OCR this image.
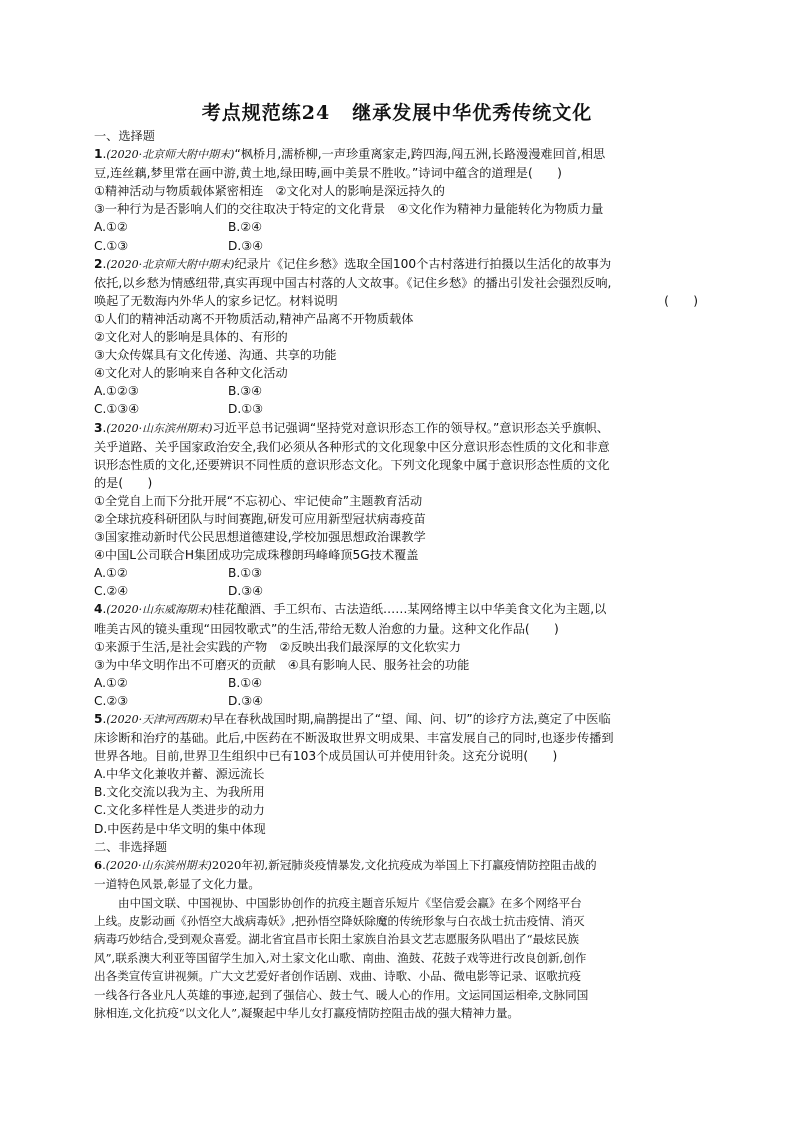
考点规范练24 继承发展中华优秀传统文化
一、选择题
1.(2020·北京师大附中期末)“枫桥月,濡桥柳,一声珍重离家走,跨四海,闯五洲,长路漫漫难回首,相思
豆,连丝藕,梦里常在画中游,黄土地,绿田畴,画中美景不胜收。”诗词中蕴含的道理是(　　)
①精神活动与物质载体紧密相连　②文化对人的影响是深远持久的
③一种行为是否影响人们的交往取决于特定的文化背景　④文化作为精神力量能转化为物质力量
A.①②	B.②④
C.①③	D.③④
2.(2020·北京师大附中期末)纪录片《记住乡愁》选取全国100个古村落进行拍摄以生活化的故事为
依托,以乡愁为情感纽带,真实再现中国古村落的人文故事。《记住乡愁》的播出引发社会强烈反响,
唤起了无数海内外华人的家乡记忆。材料说明	(　　)
①人们的精神活动离不开物质活动,精神产品离不开物质载体
②文化对人的影响是具体的、有形的
③大众传媒具有文化传递、沟通、共享的功能
④文化对人的影响来自各种文化活动
A.①②③	B.③④
C.①③④	D.①③
3.(2020·山东滨州期末)习近平总书记强调“坚持党对意识形态工作的领导权。”意识形态关乎旗帜、
关乎道路、关乎国家政治安全,我们必须从各种形式的文化现象中区分意识形态性质的文化和非意
识形态性质的文化,还要辨识不同性质的意识形态文化。下列文化现象中属于意识形态性质的文化
的是(　　)
①全党自上而下分批开展“不忘初心、牢记使命”主题教育活动
②全球抗疫科研团队与时间赛跑,研发可应用新型冠状病毒疫苗
③国家推动新时代公民思想道德建设,学校加强思想政治课教学
④中国L公司联合H集团成功完成珠穆朗玛峰峰顶5G技术覆盖
A.①②	B.①③
C.②④	D.③④
4.(2020·山东威海期末)桂花酿酒、手工织布、古法造纸……某网络博主以中华美食文化为主题,以
唯美古风的镜头重现“田园牧歌式”的生活,带给无数人治愈的力量。这种文化作品(　　)
①来源于生活,是社会实践的产物　②反映出我们最深厚的文化软实力
③为中华文明作出不可磨灭的贡献　④具有影响人民、服务社会的功能
A.①②	B.①④
C.②③	D.③④
5.(2020·天津河西期末)早在春秋战国时期,扁鹊提出了“望、闻、问、切”的诊疗方法,奠定了中医临
床诊断和治疗的基础。此后,中医药在不断汲取世界文明成果、丰富发展自己的同时,也逐步传播到
世界各地。目前,世界卫生组织中已有103个成员国认可并使用针灸。这充分说明(　　)
A.中华文化兼收并蓄、源远流长
B.文化交流以我为主、为我所用
C.文化多样性是人类进步的动力
D.中医药是中华文明的集中体现
二、非选择题
6.(2020·山东滨州期末)2020年初,新冠肺炎疫情暴发,文化抗疫成为举国上下打赢疫情防控阻击战的
一道特色风景,彰显了文化力量。
由中国文联、中国视协、中国影协创作的抗疫主题音乐短片《坚信爱会赢》在多个网络平台
上线。皮影动画《孙悟空大战病毒妖》,把孙悟空降妖除魔的传统形象与白衣战士抗击疫情、消灭
病毒巧妙结合,受到观众喜爱。湖北省宜昌市长阳土家族自治县文艺志愿服务队唱出了“最炫民族
风”,联系澳大利亚等国留学生加入,对土家文化山歌、南曲、渔鼓、花鼓子戏等进行改良创新,创作
出各类宣传宣讲视频。广大文艺爱好者创作话剧、戏曲、诗歌、小品、微电影等记录、讴歌抗疫
一线各行各业凡人英雄的事迹,起到了强信心、鼓士气、暖人心的作用。文运同国运相牵,文脉同国
脉相连,文化抗疫“以文化人”,凝聚起中华儿女打赢疫情防控阻击战的强大精神力量。
